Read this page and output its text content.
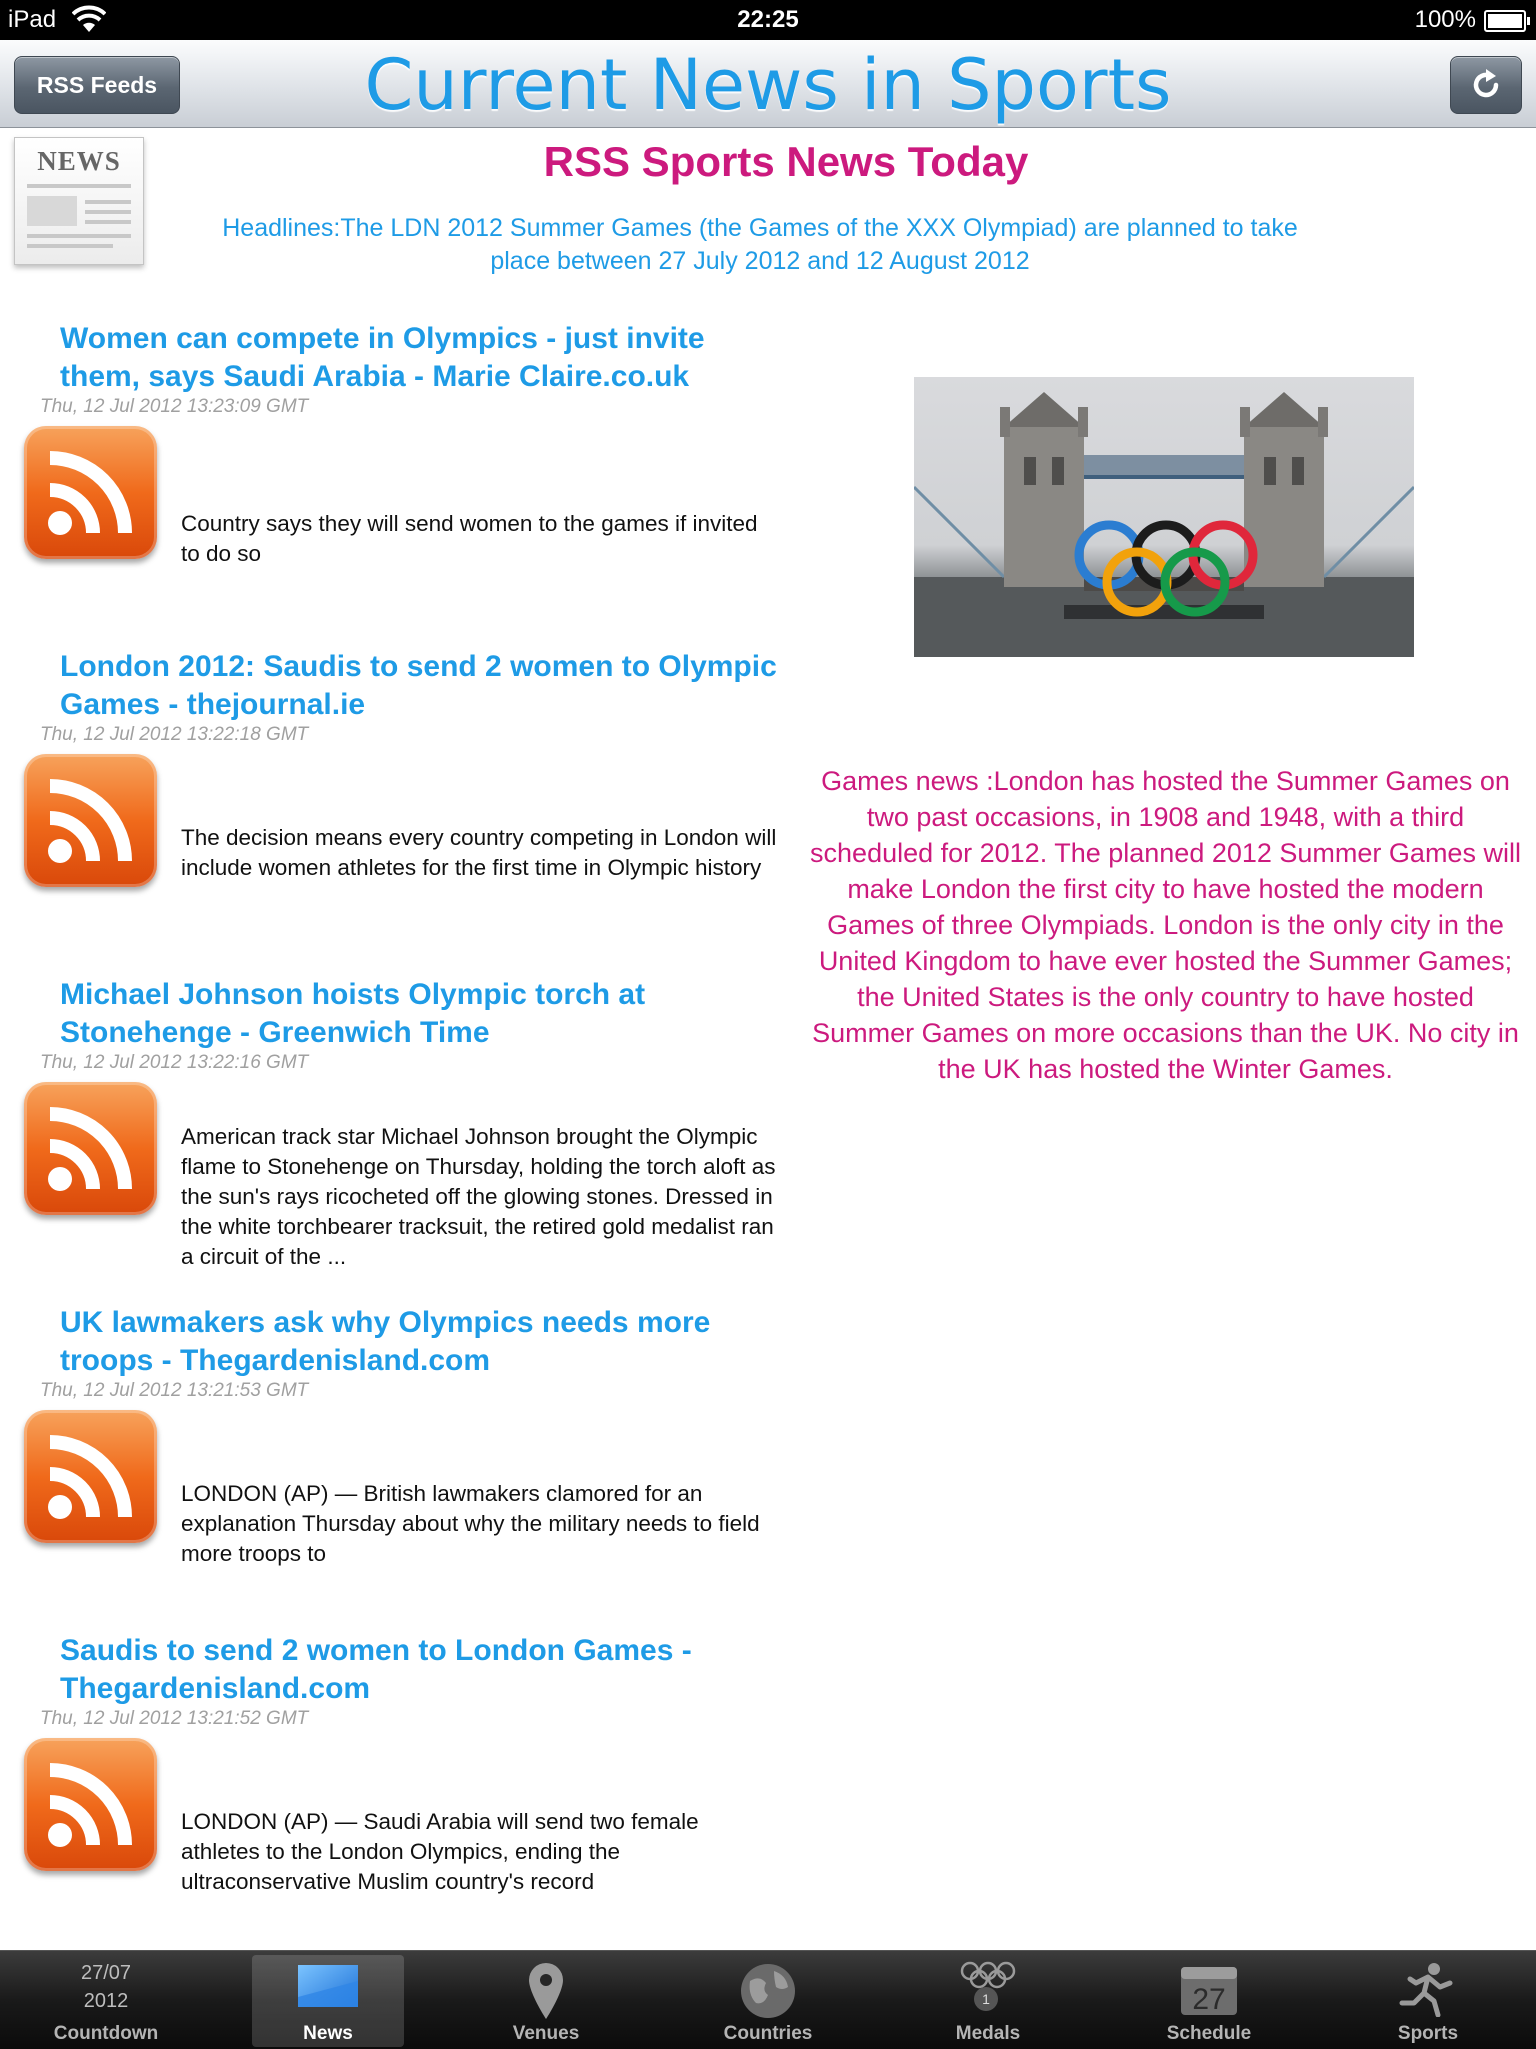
iPad	22:25	100%
RSS Feeds	Current News in Sports
NEWS	RSS Sports News Today
Headlines:The LDN 2012 Summer Games (the Games of the XXX Olympiad) are planned to take place between 27 July 2012 and 12 August 2012
Women can compete in Olympics - just invite them, says Saudi Arabia - Marie Claire.co.uk
Thu, 12 Jul 2012 13:23:09 GMT
Country says they will send women to the games if invited to do so
London 2012: Saudis to send 2 women to Olympic Games - thejournal.ie
Thu, 12 Jul 2012 13:22:18 GMT
The decision means every country competing in London will include women athletes for the first time in Olympic history
Michael Johnson hoists Olympic torch at Stonehenge - Greenwich Time
Thu, 12 Jul 2012 13:22:16 GMT
American track star Michael Johnson brought the Olympic flame to Stonehenge on Thursday, holding the torch aloft as the sun's rays ricocheted off the glowing stones. Dressed in the white torchbearer tracksuit, the retired gold medalist ran a circuit of the ...
UK lawmakers ask why Olympics needs more troops - Thegardenisland.com
Thu, 12 Jul 2012 13:21:53 GMT
LONDON (AP) — British lawmakers clamored for an explanation Thursday about why the military needs to field more troops to
Saudis to send 2 women to London Games - Thegardenisland.com
Thu, 12 Jul 2012 13:21:52 GMT
LONDON (AP) — Saudi Arabia will send two female athletes to the London Olympics, ending the ultraconservative Muslim country's record
Games news :London has hosted the Summer Games on two past occasions, in 1908 and 1948, with a third scheduled for 2012. The planned 2012 Summer Games will make London the first city to have hosted the modern Games of three Olympiads. London is the only city in the United Kingdom to have ever hosted the Summer Games; the United States is the only country to have hosted Summer Games on more occasions than the UK. No city in the UK has hosted the Winter Games.
27/07
2012
Countdown	News	Venues	Countries
1
Medals
27
Schedule	Sports
